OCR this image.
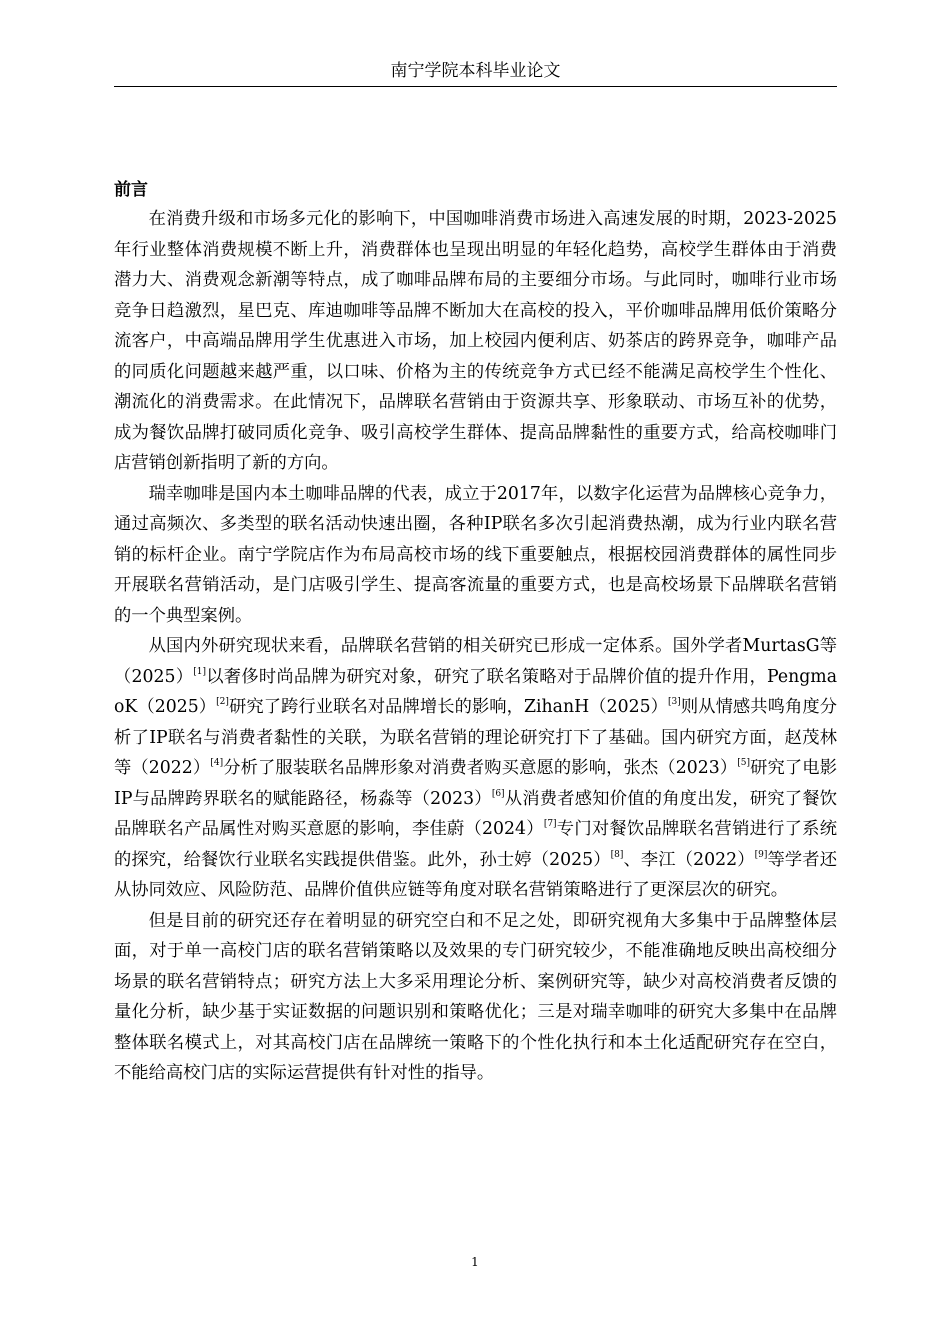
南宁学院本科毕业论文
前言

在消费升级和市场多元化的影响下，中国咖啡消费市场进入高速发展的时期，2023-2025年行业整体消费规模不断上升，消费群体也呈现出明显的年轻化趋势，高校学生群体由于消费潜力大、消费观念新潮等特点，成了咖啡品牌布局的主要细分市场。与此同时，咖啡行业市场竞争日趋激烈，星巴克、库迪咖啡等品牌不断加大在高校的投入，平价咖啡品牌用低价策略分流客户，中高端品牌用学生优惠进入市场，加上校园内便利店、奶茶店的跨界竞争，咖啡产品的同质化问题越来越严重，以口味、价格为主的传统竞争方式已经不能满足高校学生个性化、潮流化的消费需求。在此情况下，品牌联名营销由于资源共享、形象联动、市场互补的优势，成为餐饮品牌打破同质化竞争、吸引高校学生群体、提高品牌黏性的重要方式，给高校咖啡门店营销创新指明了新的方向。

瑞幸咖啡是国内本土咖啡品牌的代表，成立于2017年，以数字化运营为品牌核心竞争力，通过高频次、多类型的联名活动快速出圈，各种IP联名多次引起消费热潮，成为行业内联名营销的标杆企业。南宁学院店作为布局高校市场的线下重要触点，根据校园消费群体的属性同步开展联名营销活动，是门店吸引学生、提高客流量的重要方式，也是高校场景下品牌联名营销的一个典型案例。

从国内外研究现状来看，品牌联名营销的相关研究已形成一定体系。国外学者MurtasG等（2025）[1]以奢侈时尚品牌为研究对象，研究了联名策略对于品牌价值的提升作用，PengmaoK（2025）[2]研究了跨行业联名对品牌增长的影响，ZihanH（2025）[3]则从情感共鸣角度分析了IP联名与消费者黏性的关联，为联名营销的理论研究打下了基础。国内研究方面，赵茂林等（2022）[4]分析了服装联名品牌形象对消费者购买意愿的影响，张杰（2023）[5]研究了电影IP与品牌跨界联名的赋能路径，杨淼等（2023）[6]从消费者感知价值的角度出发，研究了餐饮品牌联名产品属性对购买意愿的影响，李佳蔚（2024）[7]专门对餐饮品牌联名营销进行了系统的探究，给餐饮行业联名实践提供借鉴。此外，孙士婷（2025）[8]、李江（2022）[9]等学者还从协同效应、风险防范、品牌价值供应链等角度对联名营销策略进行了更深层次的研究。

但是目前的研究还存在着明显的研究空白和不足之处，即研究视角大多集中于品牌整体层面，对于单一高校门店的联名营销策略以及效果的专门研究较少，不能准确地反映出高校细分场景的联名营销特点；研究方法上大多采用理论分析、案例研究等，缺少对高校消费者反馈的量化分析，缺少基于实证数据的问题识别和策略优化；三是对瑞幸咖啡的研究大多集中在品牌整体联名模式上，对其高校门店在品牌统一策略下的个性化执行和本土化适配研究存在空白，不能给高校门店的实际运营提供有针对性的指导。

1
